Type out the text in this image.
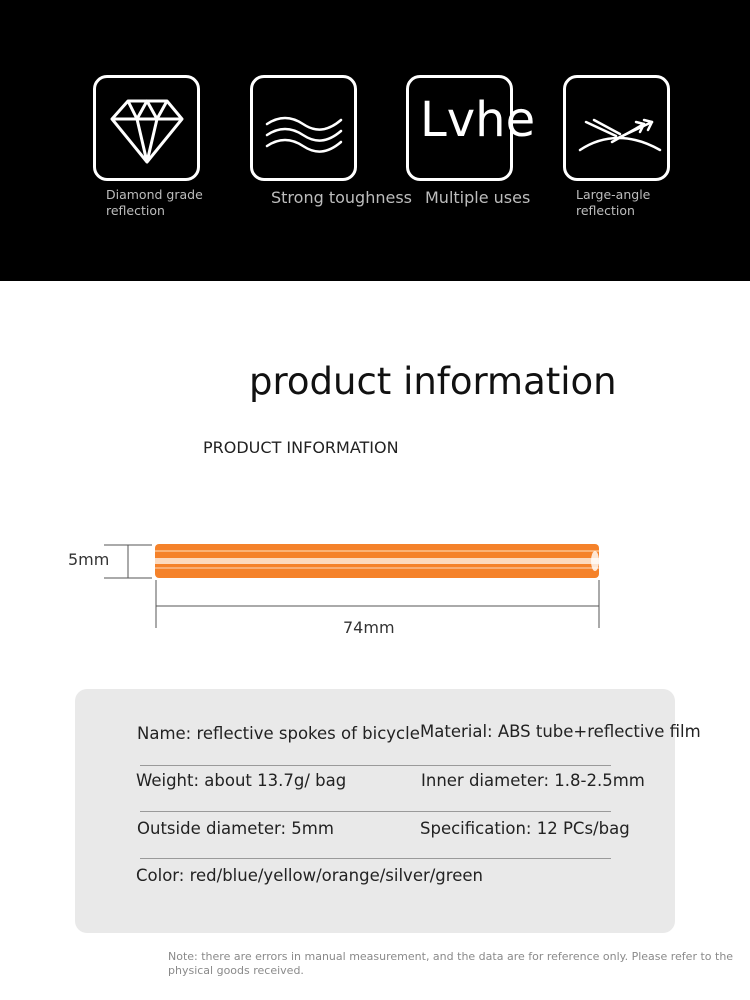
Lvhe
Diamond grade reflection
Strong toughness Multiple uses	Large-angle reflection
product information
PRODUCT INFORMATION
5mm
74mm
Name: reflective spokes of bicycle Material: ABS tube+reflective film
Weight: about 13.7g/ bag	Inner diameter: 1.8-2.5mm
Outside diameter: 5mm	Specification: 12 PCs/bag
Color: red/blue/yellow/orange/silver/green
Note: there are errors in manual measurement, and the data are for reference only. Please refer to the physical goods received.
